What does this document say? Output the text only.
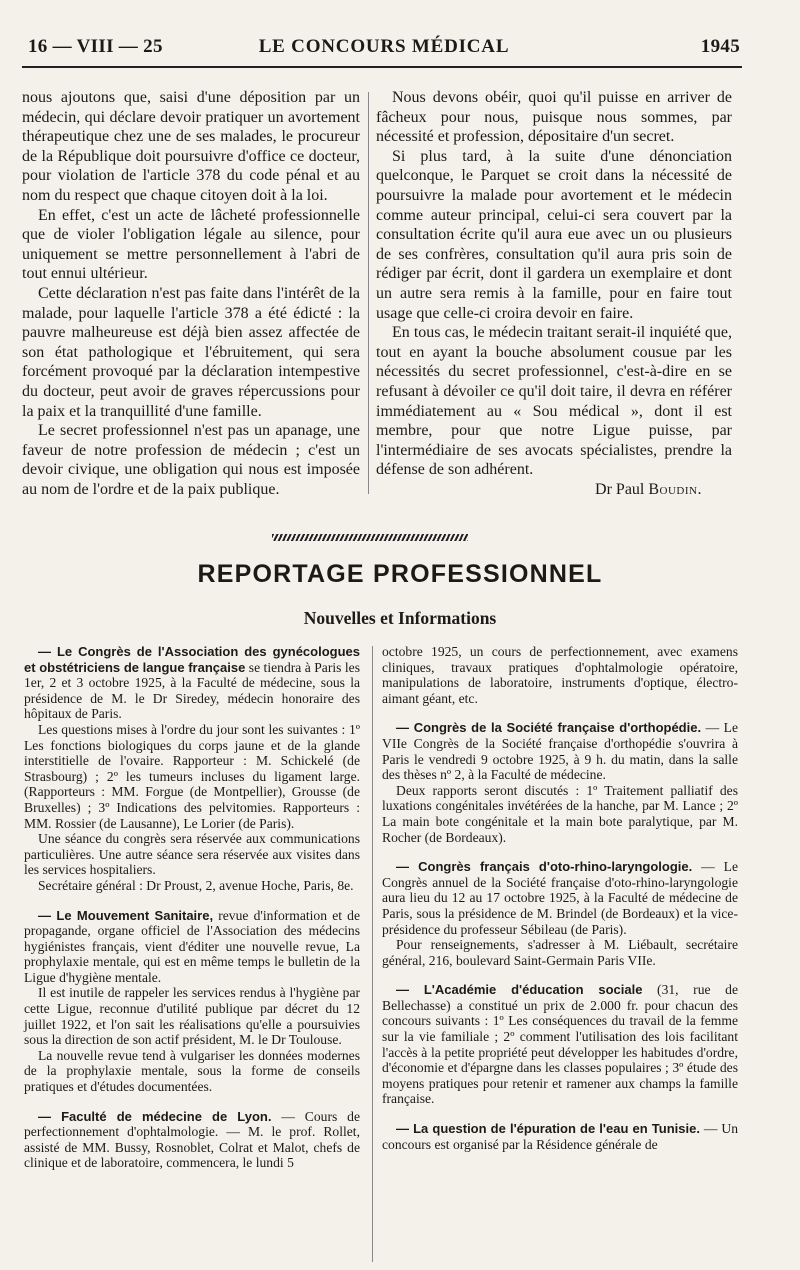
16 — VIII — 25	LE CONCOURS MÉDICAL	1945

nous ajoutons que, saisi d'une déposition par un médecin, qui déclare devoir pratiquer un avortement thérapeutique chez une de ses malades, le procureur de la République doit poursuivre d'office ce docteur, pour violation de l'article 378 du code pénal et au nom du respect que chaque citoyen doit à la loi.

En effet, c'est un acte de lâcheté professionnelle que de violer l'obligation légale au silence, pour uniquement se mettre personnellement à l'abri de tout ennui ultérieur.

Cette déclaration n'est pas faite dans l'intérêt de la malade, pour laquelle l'article 378 a été édicté : la pauvre malheureuse est déjà bien assez affectée de son état pathologique et l'ébruitement, qui sera forcément provoqué par la déclaration intempestive du docteur, peut avoir de graves répercussions pour la paix et la tranquillité d'une famille.

Le secret professionnel n'est pas un apanage, une faveur de notre profession de médecin ; c'est un devoir civique, une obligation qui nous est imposée au nom de l'ordre et de la paix publique.

Nous devons obéir, quoi qu'il puisse en arriver de fâcheux pour nous, puisque nous sommes, par nécessité et profession, dépositaire d'un secret.

Si plus tard, à la suite d'une dénonciation quelconque, le Parquet se croit dans la nécessité de poursuivre la malade pour avortement et le médecin comme auteur principal, celui-ci sera couvert par la consultation écrite qu'il aura eue avec un ou plusieurs de ses confrères, consultation qu'il aura pris soin de rédiger par écrit, dont il gardera un exemplaire et dont un autre sera remis à la famille, pour en faire tout usage que celle-ci croira devoir en faire.

En tous cas, le médecin traitant serait-il inquiété que, tout en ayant la bouche absolument cousue par les nécessités du secret professionnel, c'est-à-dire en se refusant à dévoiler ce qu'il doit taire, il devra en référer immédiatement au « Sou médical », dont il est membre, pour que notre Ligue puisse, par l'intermédiaire de ses avocats spécialistes, prendre la défense de son adhérent.

Dr Paul Boudin.

REPORTAGE PROFESSIONNEL
Nouvelles et Informations

— Le Congrès de l'Association des gynécologues et obstétriciens de langue française se tiendra à Paris les 1er, 2 et 3 octobre 1925, à la Faculté de médecine, sous la présidence de M. le Dr Siredey, médecin honoraire des hôpitaux de Paris.

Les questions mises à l'ordre du jour sont les suivantes : 1º Les fonctions biologiques du corps jaune et de la glande interstitielle de l'ovaire. Rapporteur : M. Schickelé (de Strasbourg) ; 2º les tumeurs incluses du ligament large. (Rapporteurs : MM. Forgue (de Montpellier), Grousse (de Bruxelles) ; 3º Indications des pelvitomies. Rapporteurs : MM. Rossier (de Lausanne), Le Lorier (de Paris).

Une séance du congrès sera réservée aux communications particulières. Une autre séance sera réservée aux visites dans les services hospitaliers.

Secrétaire général : Dr Proust, 2, avenue Hoche, Paris, 8e.

— Le Mouvement Sanitaire, revue d'information et de propagande, organe officiel de l'Association des médecins hygiénistes français, vient d'éditer une nouvelle revue, La prophylaxie mentale, qui est en même temps le bulletin de la Ligue d'hygiène mentale.

Il est inutile de rappeler les services rendus à l'hygiène par cette Ligue, reconnue d'utilité publique par décret du 12 juillet 1922, et l'on sait les réalisations qu'elle a poursuivies sous la direction de son actif président, M. le Dr Toulouse.

La nouvelle revue tend à vulgariser les données modernes de la prophylaxie mentale, sous la forme de conseils pratiques et d'études documentées.

— Faculté de médecine de Lyon. — Cours de perfectionnement d'ophtalmologie. — M. le prof. Rollet, assisté de MM. Bussy, Rosnoblet, Colrat et Malot, chefs de clinique et de laboratoire, commencera, le lundi 5

octobre 1925, un cours de perfectionnement, avec examens cliniques, travaux pratiques d'ophtalmologie opératoire, manipulations de laboratoire, instruments d'optique, électro-aimant géant, etc.

— Congrès de la Société française d'orthopédie. — Le VIIe Congrès de la Société française d'orthopédie s'ouvrira à Paris le vendredi 9 octobre 1925, à 9 h. du matin, dans la salle des thèses nº 2, à la Faculté de médecine.

Deux rapports seront discutés : 1º Traitement palliatif des luxations congénitales invétérées de la hanche, par M. Lance ; 2º La main bote congénitale et la main bote paralytique, par M. Rocher (de Bordeaux).

— Congrès français d'oto-rhino-laryngologie. — Le Congrès annuel de la Société française d'oto-rhino-laryngologie aura lieu du 12 au 17 octobre 1925, à la Faculté de médecine de Paris, sous la présidence de M. Brindel (de Bordeaux) et la vice-présidence du professeur Sébileau (de Paris).

Pour renseignements, s'adresser à M. Liébault, secrétaire général, 216, boulevard Saint-Germain Paris VIIe.

— L'Académie d'éducation sociale (31, rue de Bellechasse) a constitué un prix de 2.000 fr. pour chacun des concours suivants : 1º Les conséquences du travail de la femme sur la vie familiale ; 2º comment l'utilisation des lois facilitant l'accès à la petite propriété peut développer les habitudes d'ordre, d'économie et d'épargne dans les classes populaires ; 3º étude des moyens pratiques pour retenir et ramener aux champs la famille française.

— La question de l'épuration de l'eau en Tunisie. — Un concours est organisé par la Résidence générale de
